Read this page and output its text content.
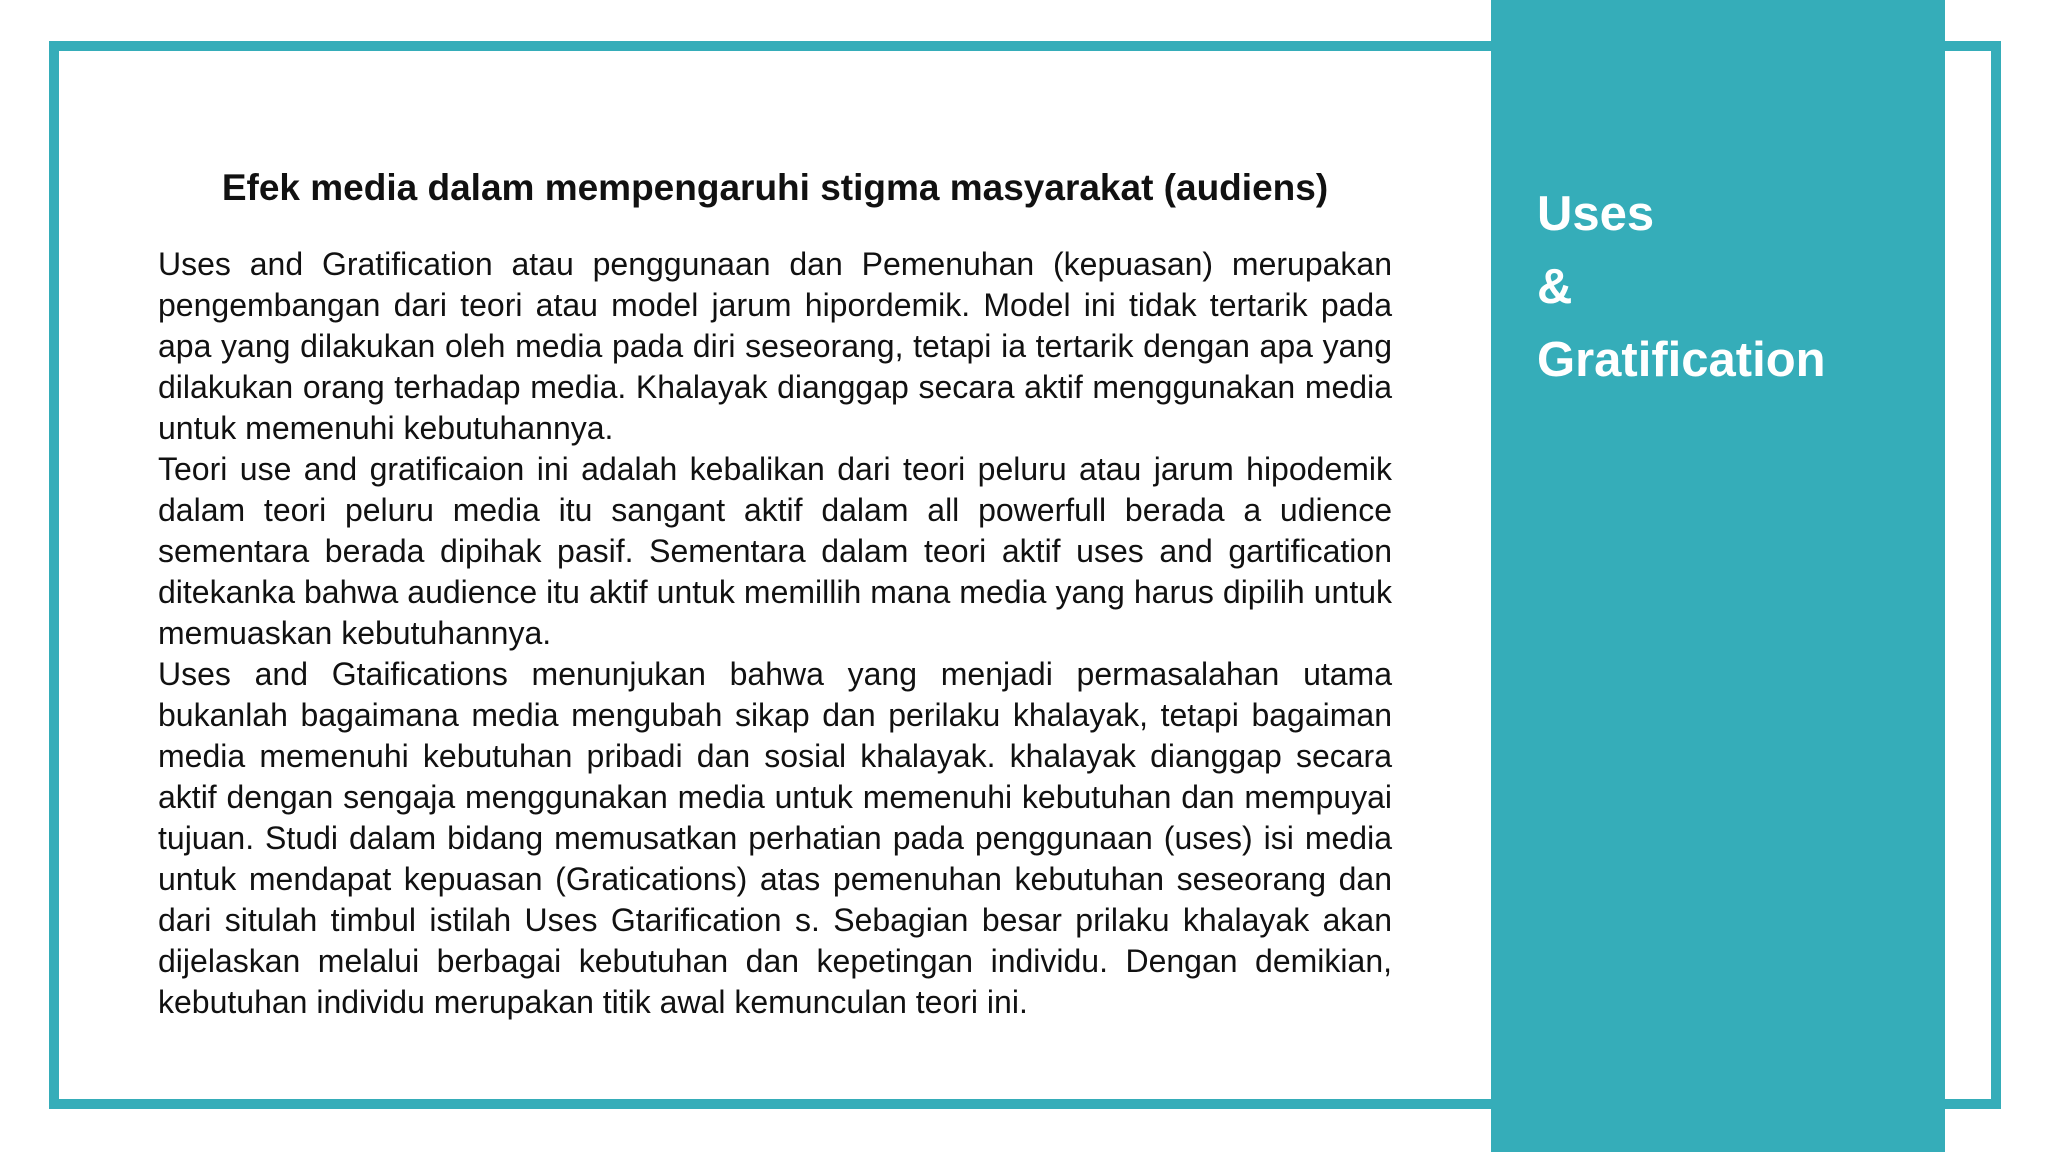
Uses
&
Gratification
Efek media dalam mempengaruhi stigma masyarakat (audiens)

Uses and Gratification atau penggunaan dan Pemenuhan (kepuasan) merupakan pengembangan dari teori atau model jarum hipordemik. Model ini tidak tertarik pada apa yang dilakukan oleh media pada diri seseorang, tetapi ia tertarik dengan apa yang dilakukan orang terhadap media. Khalayak dianggap secara aktif menggunakan media untuk memenuhi kebutuhannya.

Teori use and gratificaion ini adalah kebalikan dari teori peluru atau jarum hipodemik dalam teori peluru media itu sangant aktif dalam all powerfull berada a udience sementara berada dipihak pasif. Sementara dalam teori aktif uses and gartification ditekanka bahwa audience itu aktif untuk memillih mana media yang harus dipilih untuk memuaskan kebutuhannya.

Uses and Gtaifications menunjukan bahwa yang menjadi permasalahan utama bukanlah bagaimana media mengubah sikap dan perilaku khalayak, tetapi bagaiman media memenuhi kebutuhan pribadi dan sosial khalayak. khalayak dianggap secara aktif dengan sengaja menggunakan media untuk memenuhi kebutuhan dan mempuyai tujuan. Studi dalam bidang memusatkan perhatian pada penggunaan (uses) isi media untuk mendapat kepuasan (Gratications) atas pemenuhan kebutuhan seseorang dan dari situlah timbul istilah Uses Gtarification s. Sebagian besar prilaku khalayak akan dijelaskan melalui berbagai kebutuhan dan kepetingan individu. Dengan demikian, kebutuhan individu merupakan titik awal kemunculan teori ini.
